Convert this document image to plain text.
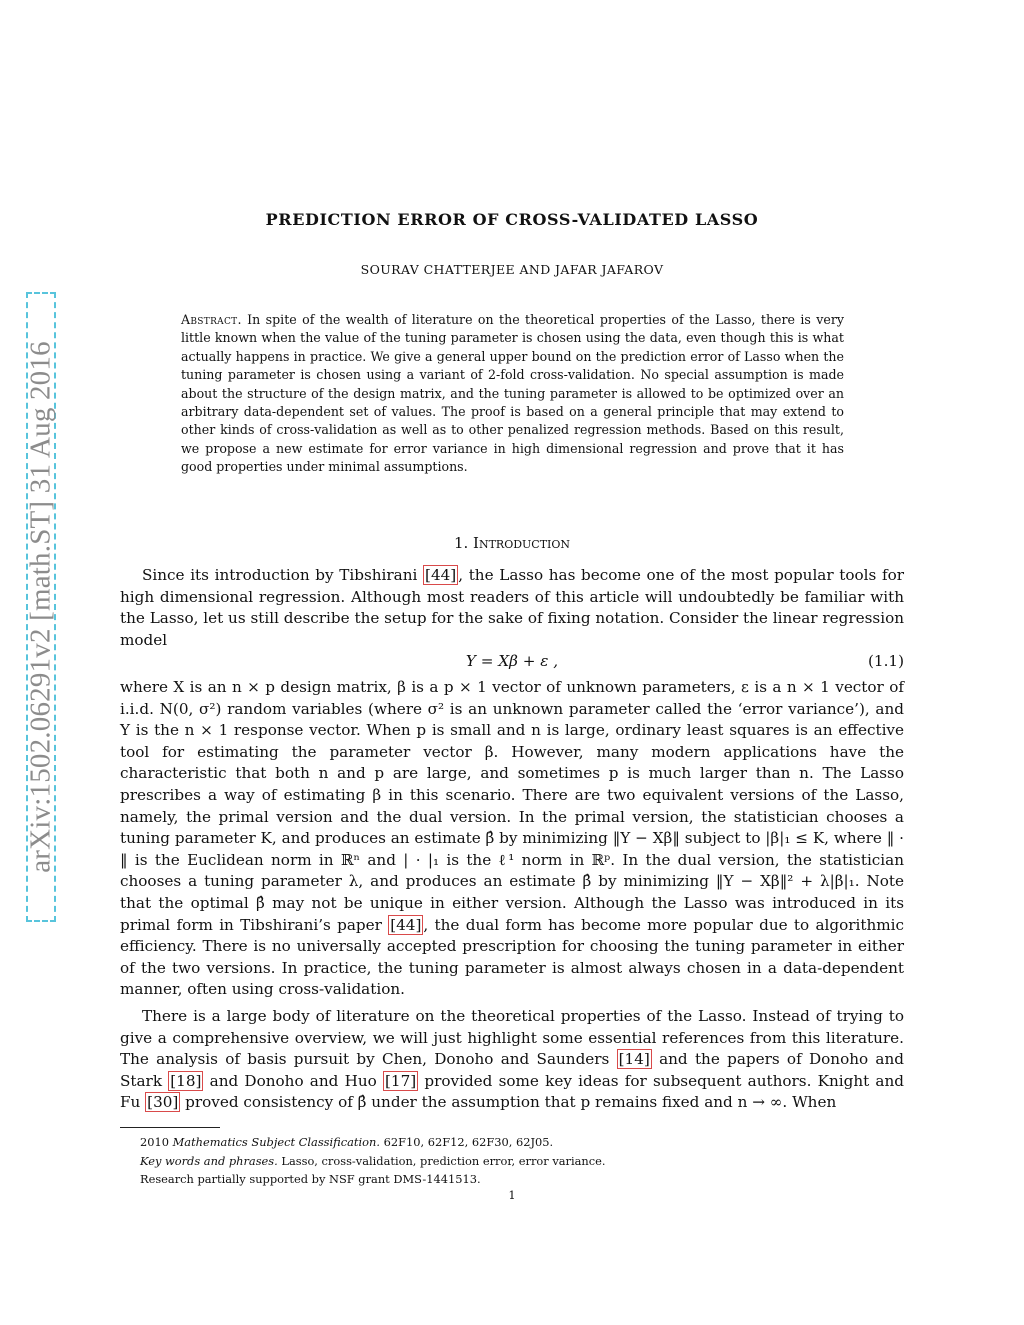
arXiv:1502.06291v2 [math.ST] 31 Aug 2016
PREDICTION ERROR OF CROSS-VALIDATED LASSO
SOURAV CHATTERJEE AND JAFAR JAFAROV

Abstract. In spite of the wealth of literature on the theoretical properties of the Lasso, there is very little known when the value of the tuning parameter is chosen using the data, even though this is what actually happens in practice. We give a general upper bound on the prediction error of Lasso when the tuning parameter is chosen using a variant of 2-fold cross-validation. No special assumption is made about the structure of the design matrix, and the tuning parameter is allowed to be optimized over an arbitrary data-dependent set of values. The proof is based on a general principle that may extend to other kinds of cross-validation as well as to other penalized regression methods. Based on this result, we propose a new estimate for error variance in high dimensional regression and prove that it has good properties under minimal assumptions.

1. Introduction

Since its introduction by Tibshirani [44] , the Lasso has become one of the most popular tools for high dimensional regression. Although most readers of this article will undoubtedly be familiar with the Lasso, let us still describe the setup for the sake of fixing notation. Consider the linear regression model

Y = Xβ + ε ,	(1.1)

where X is an n × p design matrix, β is a p × 1 vector of unknown parameters, ε is a n × 1 vector of i.i.d. N(0, σ²) random variables (where σ² is an unknown parameter called the ‘error variance’), and Y is the n × 1 response vector. When p is small and n is large, ordinary least squares is an effective tool for estimating the parameter vector β. However, many modern applications have the characteristic that both n and p are large, and sometimes p is much larger than n. The Lasso prescribes a way of estimating β in this scenario. There are two equivalent versions of the Lasso, namely, the primal version and the dual version. In the primal version, the statistician chooses a tuning parameter K, and produces an estimate β̂ by minimizing ‖Y − Xβ‖ subject to |β|₁ ≤ K, where ‖ · ‖ is the Euclidean norm in ℝⁿ and | · |₁ is the ℓ¹ norm in ℝᵖ. In the dual version, the statistician chooses a tuning parameter λ, and produces an estimate β̂ by minimizing ‖Y − Xβ‖² + λ|β|₁. Note that the optimal β̂ may not be unique in either version. Although the Lasso was introduced in its primal form in Tibshirani’s paper [44] , the dual form has become more popular due to algorithmic efficiency. There is no universally accepted prescription for choosing the tuning parameter in either of the two versions. In practice, the tuning parameter is almost always chosen in a data-dependent manner, often using cross-validation.

There is a large body of literature on the theoretical properties of the Lasso. Instead of trying to give a comprehensive overview, we will just highlight some essential references from this literature. The analysis of basis pursuit by Chen, Donoho and Saunders [14] and the papers of Donoho and Stark [18] and Donoho and Huo [17] provided some key ideas for subsequent authors. Knight and Fu [30] proved consistency of β̂ under the assumption that p remains fixed and n → ∞. When

2010 Mathematics Subject Classification. 62F10, 62F12, 62F30, 62J05.
Key words and phrases. Lasso, cross-validation, prediction error, error variance.
Research partially supported by NSF grant DMS-1441513.
1
